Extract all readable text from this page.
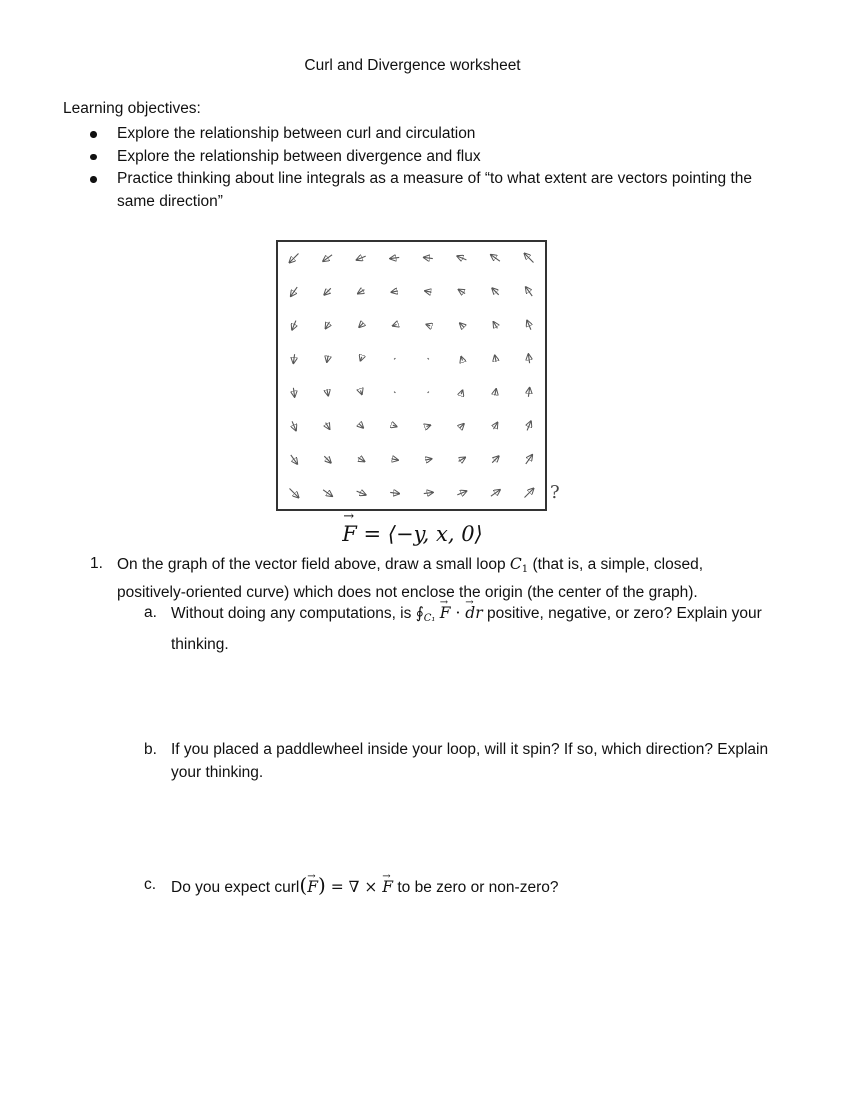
Curl and Divergence worksheet
Learning objectives:
Explore the relationship between curl and circulation
Explore the relationship between divergence and flux
Practice thinking about line integrals as a measure of “to what extent are vectors pointing the same direction”
?
→ F = ⟨−y, x, 0⟩
1. On the graph of the vector field above, draw a small loop C1 (that is, a simple, closed, positively-oriented curve) which does not enclose the origin (the center of the graph).
a. Without doing any computations, is ∮C₁ → F · → dr positive, negative, or zero? Explain your thinking.
b. If you placed a paddlewheel inside your loop, will it spin? If so, which direction? Explain your thinking.
c. Do you expect curl(→ F) = ∇ × → F to be zero or non-zero?
